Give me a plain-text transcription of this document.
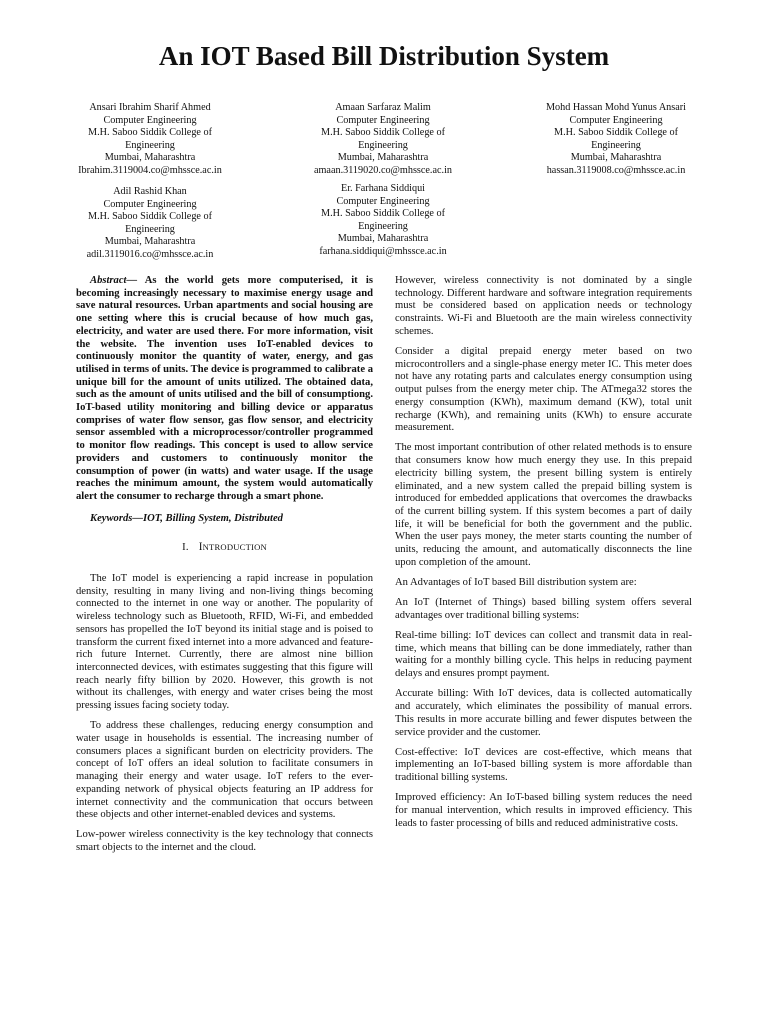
An IOT Based Bill Distribution System
Ansari Ibrahim Sharif Ahmed
Computer Engineering
M.H. Saboo Siddik College of
Engineering
Mumbai, Maharashtra
Ibrahim.3119004.co@mhssce.ac.in
Amaan Sarfaraz Malim
Computer Engineering
M.H. Saboo Siddik College of
Engineering
Mumbai, Maharashtra
amaan.3119020.co@mhssce.ac.in
Mohd Hassan Mohd Yunus Ansari
Computer Engineering
M.H. Saboo Siddik College of
Engineering
Mumbai, Maharashtra
hassan.3119008.co@mhssce.ac.in
Adil Rashid Khan
Computer Engineering
M.H. Saboo Siddik College of
Engineering
Mumbai, Maharashtra
adil.3119016.co@mhssce.ac.in
Er. Farhana Siddiqui
Computer Engineering
M.H. Saboo Siddik College of
Engineering
Mumbai, Maharashtra
farhana.siddiqui@mhssce.ac.in

Abstract— As the world gets more computerised, it is becoming increasingly necessary to maximise energy usage and save natural resources. Urban apartments and social housing are one setting where this is crucial because of how much gas, electricity, and water are used there. For more information, visit the website. The invention uses IoT-enabled devices to continuously monitor the quantity of water, energy, and gas utilised in terms of units. The device is programmed to calibrate a unique bill for the amount of units utilized. The obtained data, such as the amount of units utilised and the bill of consumptiong. IoT-based utility monitoring and billing device or apparatus comprises of water flow sensor, gas flow sensor, and electricity sensor assembled with a microprocessor/controller programmed to monitor flow readings. This concept is used to allow service providers and customers to continuously monitor the consumption of power (in watts) and water usage. If the usage reaches the minimum amount, the system would automatically alert the consumer to recharge through a smart phone.

Keywords—IOT, Billing System, Distributed

I. INTRODUCTION

The IoT model is experiencing a rapid increase in population density, resulting in many living and non-living things becoming connected to the internet in one way or another. The popularity of wireless technology such as Bluetooth, RFID, Wi-Fi, and embedded sensors has propelled the IoT beyond its initial stage and is poised to transform the current fixed internet into a more advanced and feature-rich future Internet. Currently, there are almost nine billion interconnected devices, with estimates suggesting that this figure will reach nearly fifty billion by 2020. However, this growth is not without its challenges, with energy and water crises being the most pressing issues facing society today.

To address these challenges, reducing energy consumption and water usage in households is essential. The increasing number of consumers places a significant burden on electricity providers. The concept of IoT offers an ideal solution to facilitate consumers in managing their energy and water usage. IoT refers to the ever-expanding network of physical objects featuring an IP address for internet connectivity and the communication that occurs between these objects and other internet-enabled devices and systems.

Low-power wireless connectivity is the key technology that connects smart objects to the internet and the cloud.

However, wireless connectivity is not dominated by a single technology. Different hardware and software integration requirements must be considered based on application needs or technology constraints. Wi-Fi and Bluetooth are the main wireless connectivity schemes.

Consider a digital prepaid energy meter based on two microcontrollers and a single-phase energy meter IC. This meter does not have any rotating parts and calculates energy consumption using output pulses from the energy meter chip. The ATmega32 stores the energy consumption (KWh), maximum demand (KW), total unit recharge (KWh), and remaining units (KWh) to ensure accurate measurement.

The most important contribution of other related methods is to ensure that consumers know how much energy they use. In this prepaid electricity billing system, the present billing system is entirely eliminated, and a new system called the prepaid billing system is introduced for embedded applications that overcomes the drawbacks of the current billing system. If this system becomes a part of daily life, it will be beneficial for both the government and the public. When the user pays money, the meter starts counting the number of units, reducing the amount, and automatically disconnects the line upon completion of the amount.

An Advantages of IoT based Bill distribution system are:

An IoT (Internet of Things) based billing system offers several advantages over traditional billing systems:

Real-time billing: IoT devices can collect and transmit data in real-time, which means that billing can be done immediately, rather than waiting for a monthly billing cycle. This helps in reducing payment delays and ensures prompt payment.

Accurate billing: With IoT devices, data is collected automatically and accurately, which eliminates the possibility of manual errors. This results in more accurate billing and fewer disputes between the service provider and the customer.

Cost-effective: IoT devices are cost-effective, which means that implementing an IoT-based billing system is more affordable than traditional billing systems.

Improved efficiency: An IoT-based billing system reduces the need for manual intervention, which results in improved efficiency. This leads to faster processing of bills and reduced administrative costs.
